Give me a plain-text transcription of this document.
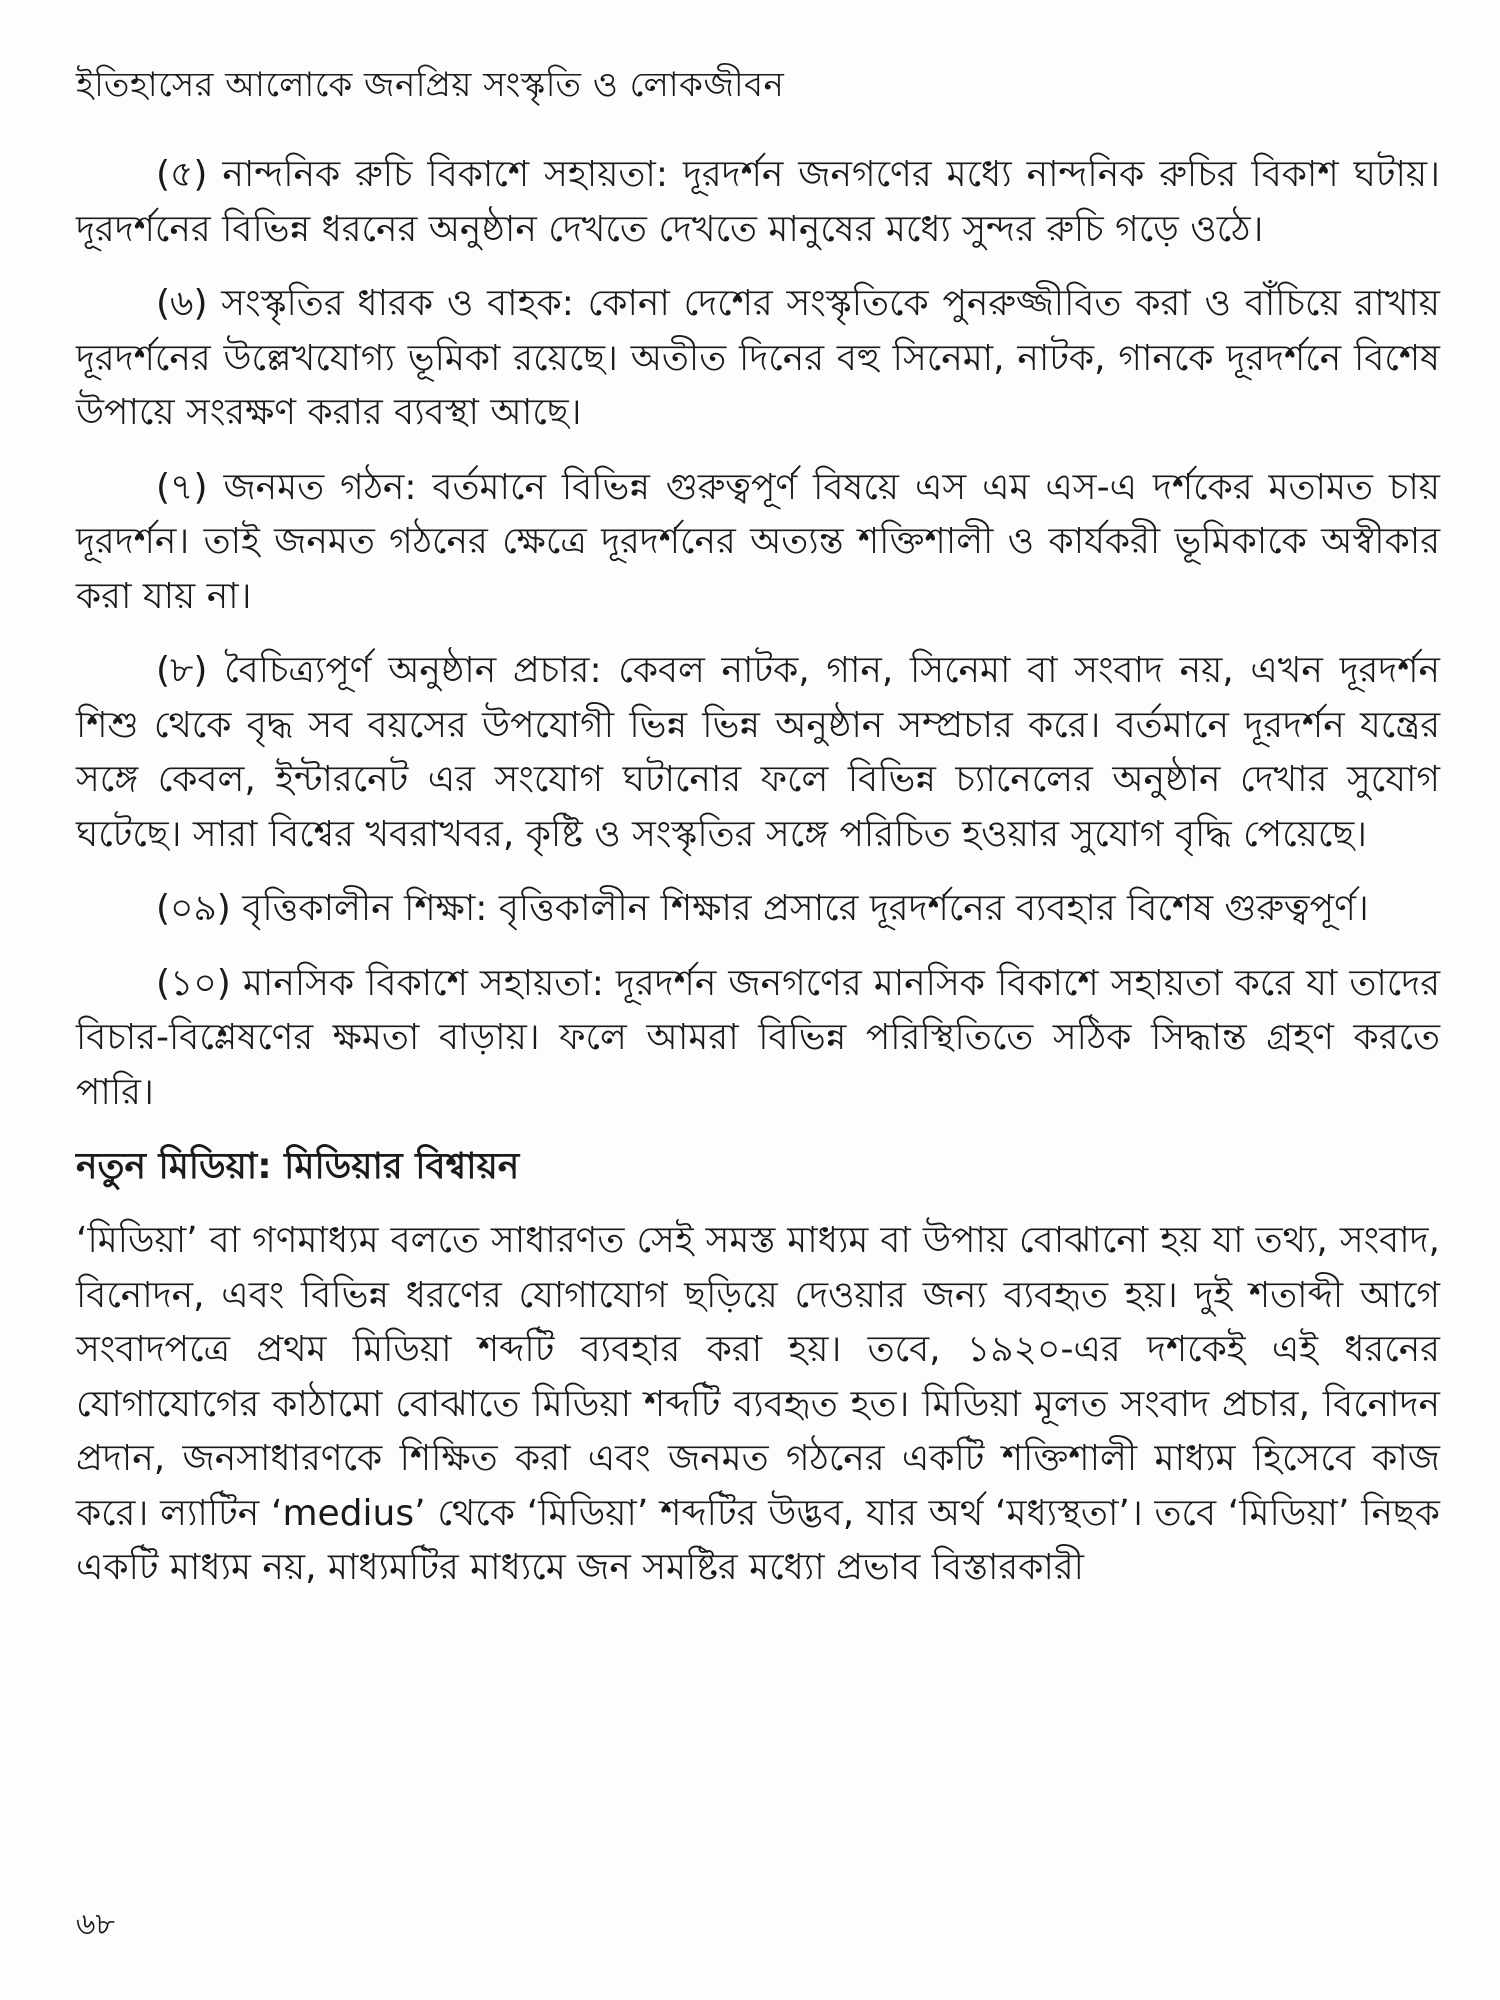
ইতিহাসের আলোকে জনপ্রিয় সংস্কৃতি ও লোকজীবন

(৫) নান্দনিক রুচি বিকাশে সহায়তা: দূরদর্শন জনগণের মধ্যে নান্দনিক রুচির বিকাশ ঘটায়। দূরদর্শনের বিভিন্ন ধরনের অনুষ্ঠান দেখতে দেখতে মানুষের মধ্যে সুন্দর রুচি গড়ে ওঠে।

(৬) সংস্কৃতির ধারক ও বাহক: কোনা দেশের সংস্কৃতিকে পুনরুজ্জীবিত করা ও বাঁচিয়ে রাখায় দূরদর্শনের উল্লেখযোগ্য ভূমিকা রয়েছে। অতীত দিনের বহু সিনেমা, নাটক, গানকে দূরদর্শনে বিশেষ উপায়ে সংরক্ষণ করার ব্যবস্থা আছে।

(৭) জনমত গঠন: বর্তমানে বিভিন্ন গুরুত্বপূর্ণ বিষয়ে এস এম এস-এ দর্শকের মতামত চায় দূরদর্শন। তাই জনমত গঠনের ক্ষেত্রে দূরদর্শনের অত্যন্ত শক্তিশালী ও কার্যকরী ভূমিকাকে অস্বীকার করা যায় না।

(৮) বৈচিত্র্যপূর্ণ অনুষ্ঠান প্রচার: কেবল নাটক, গান, সিনেমা বা সংবাদ নয়, এখন দূরদর্শন শিশু থেকে বৃদ্ধ সব বয়সের উপযোগী ভিন্ন ভিন্ন অনুষ্ঠান সম্প্রচার করে। বর্তমানে দূরদর্শন যন্ত্রের সঙ্গে কেবল, ইন্টারনেট এর সংযোগ ঘটানোর ফলে বিভিন্ন চ্যানেলের অনুষ্ঠান দেখার সুযোগ ঘটেছে। সারা বিশ্বের খবরাখবর, কৃষ্টি ও সংস্কৃতির সঙ্গে পরিচিত হওয়ার সুযোগ বৃদ্ধি পেয়েছে।

(০৯) বৃত্তিকালীন শিক্ষা: বৃত্তিকালীন শিক্ষার প্রসারে দূরদর্শনের ব্যবহার বিশেষ গুরুত্বপূর্ণ।

(১০) মানসিক বিকাশে সহায়তা: দূরদর্শন জনগণের মানসিক বিকাশে সহায়তা করে যা তাদের বিচার-বিশ্লেষণের ক্ষমতা বাড়ায়। ফলে আমরা বিভিন্ন পরিস্থিতিতে সঠিক সিদ্ধান্ত গ্রহণ করতে পারি।

নতুন মিডিয়া: মিডিয়ার বিশ্বায়ন

‘মিডিয়া’ বা গণমাধ্যম বলতে সাধারণত সেই সমস্ত মাধ্যম বা উপায় বোঝানো হয় যা তথ্য, সংবাদ, বিনোদন, এবং বিভিন্ন ধরণের যোগাযোগ ছড়িয়ে দেওয়ার জন্য ব্যবহৃত হয়। দুই শতাব্দী আগে সংবাদপত্রে প্রথম মিডিয়া শব্দটি ব্যবহার করা হয়। তবে, ১৯২০-এর দশকেই এই ধরনের যোগাযোগের কাঠামো বোঝাতে মিডিয়া শব্দটি ব্যবহৃত হত। মিডিয়া মূলত সংবাদ প্রচার, বিনোদন প্রদান, জনসাধারণকে শিক্ষিত করা এবং জনমত গঠনের একটি শক্তিশালী মাধ্যম হিসেবে কাজ করে। ল্যাটিন ‘medius’ থেকে ‘মিডিয়া’ শব্দটির উদ্ভব, যার অর্থ ‘মধ্যস্থতা’। তবে ‘মিডিয়া’ নিছক একটি মাধ্যম নয়, মাধ্যমটির মাধ্যমে জন সমষ্টির মধ্যো প্রভাব বিস্তারকারী

৬৮
